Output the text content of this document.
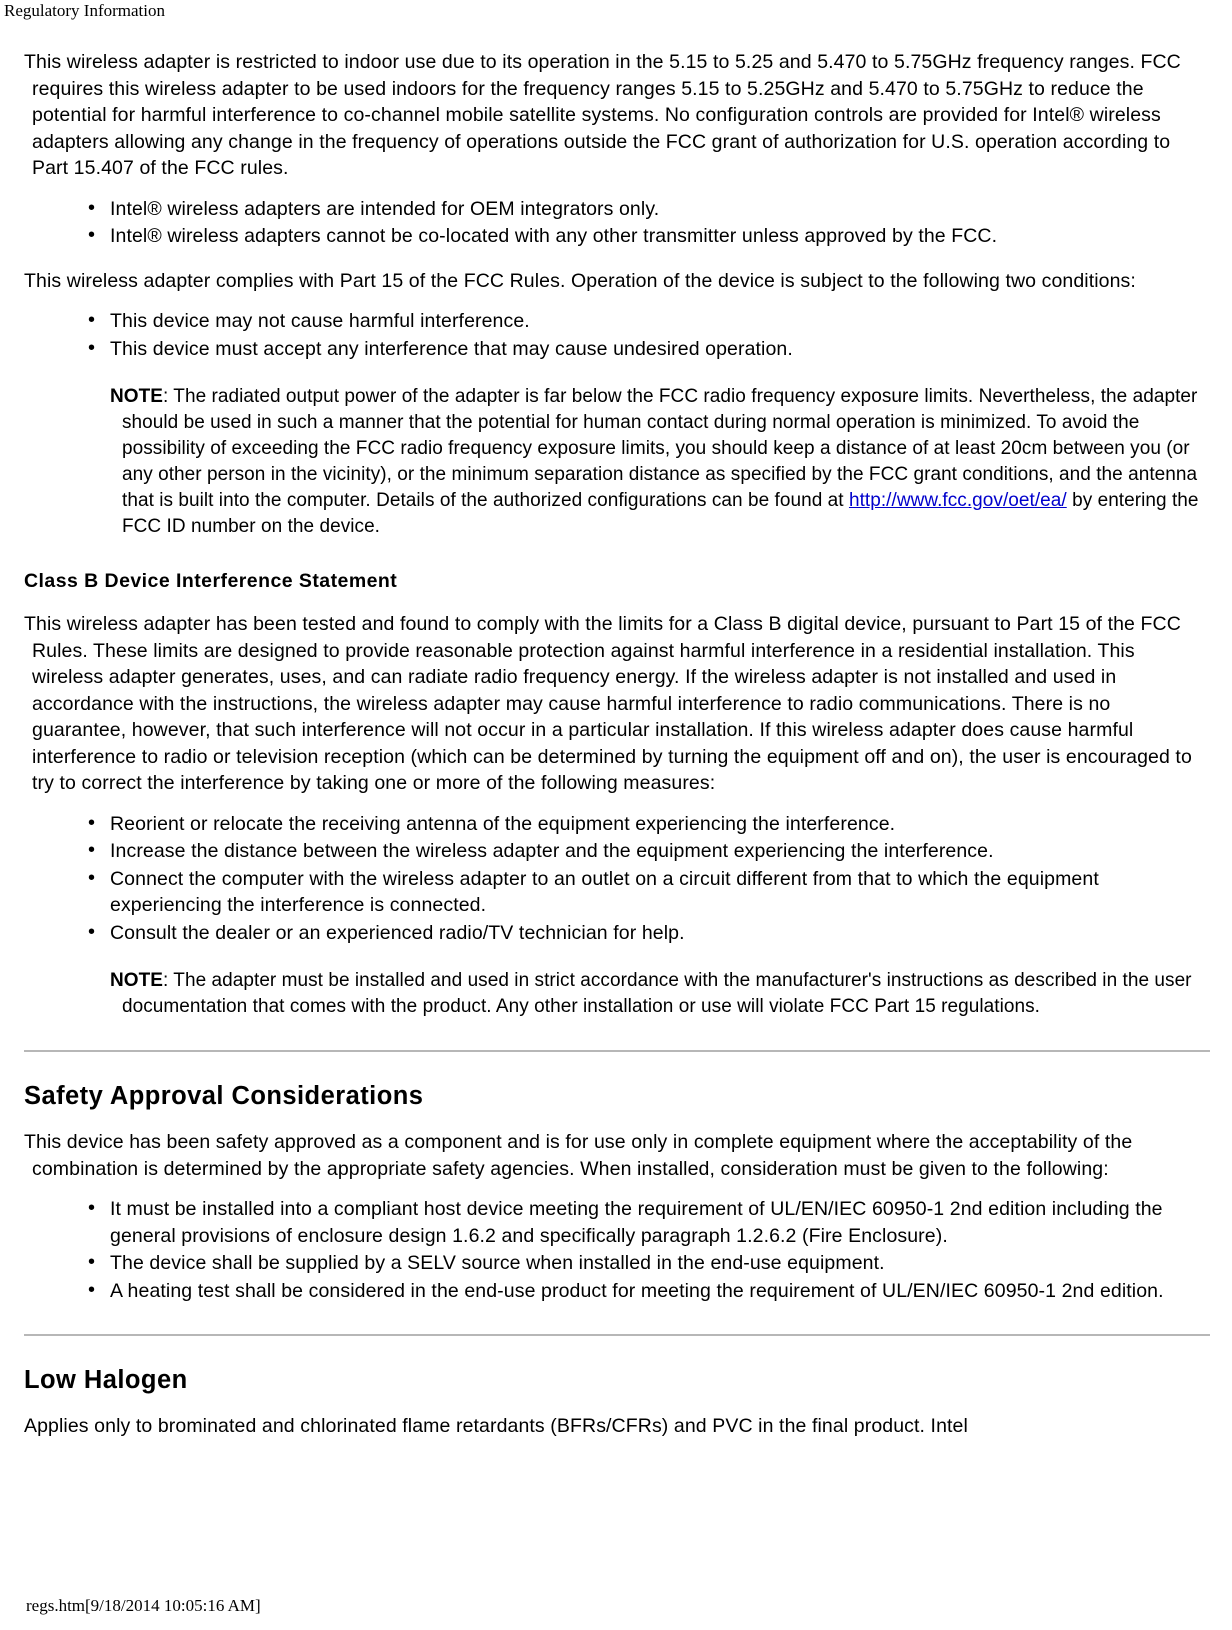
Regulatory Information

This wireless adapter is restricted to indoor use due to its operation in the 5.15 to 5.25 and 5.470 to 5.75GHz frequency ranges. FCC requires this wireless adapter to be used indoors for the frequency ranges 5.15 to 5.25GHz and 5.470 to 5.75GHz to reduce the potential for harmful interference to co-channel mobile satellite systems. No configuration controls are provided for Intel® wireless adapters allowing any change in the frequency of operations outside the FCC grant of authorization for U.S. operation according to Part 15.407 of the FCC rules.

• Intel® wireless adapters are intended for OEM integrators only.
• Intel® wireless adapters cannot be co-located with any other transmitter unless approved by the FCC.

This wireless adapter complies with Part 15 of the FCC Rules. Operation of the device is subject to the following two conditions:

• This device may not cause harmful interference.
• This device must accept any interference that may cause undesired operation.
NOTE: The radiated output power of the adapter is far below the FCC radio frequency exposure limits. Nevertheless, the adapter should be used in such a manner that the potential for human contact during normal operation is minimized. To avoid the possibility of exceeding the FCC radio frequency exposure limits, you should keep a distance of at least 20cm between you (or any other person in the vicinity), or the minimum separation distance as specified by the FCC grant conditions, and the antenna that is built into the computer. Details of the authorized configurations can be found at http://www.fcc.gov/oet/ea/ by entering the FCC ID number on the device.
Class B Device Interference Statement

This wireless adapter has been tested and found to comply with the limits for a Class B digital device, pursuant to Part 15 of the FCC Rules. These limits are designed to provide reasonable protection against harmful interference in a residential installation. This wireless adapter generates, uses, and can radiate radio frequency energy. If the wireless adapter is not installed and used in accordance with the instructions, the wireless adapter may cause harmful interference to radio communications. There is no guarantee, however, that such interference will not occur in a particular installation. If this wireless adapter does cause harmful interference to radio or television reception (which can be determined by turning the equipment off and on), the user is encouraged to try to correct the interference by taking one or more of the following measures:

• Reorient or relocate the receiving antenna of the equipment experiencing the interference.
• Increase the distance between the wireless adapter and the equipment experiencing the interference.
• Connect the computer with the wireless adapter to an outlet on a circuit different from that to which the equipment experiencing the interference is connected.
• Consult the dealer or an experienced radio/TV technician for help.
NOTE: The adapter must be installed and used in strict accordance with the manufacturer's instructions as described in the user documentation that comes with the product. Any other installation or use will violate FCC Part 15 regulations.
Safety Approval Considerations

This device has been safety approved as a component and is for use only in complete equipment where the acceptability of the combination is determined by the appropriate safety agencies. When installed, consideration must be given to the following:

• It must be installed into a compliant host device meeting the requirement of UL/EN/IEC 60950-1 2nd edition including the general provisions of enclosure design 1.6.2 and specifically paragraph 1.2.6.2 (Fire Enclosure).
• The device shall be supplied by a SELV source when installed in the end-use equipment.
• A heating test shall be considered in the end-use product for meeting the requirement of UL/EN/IEC 60950-1 2nd edition.
Low Halogen

Applies only to brominated and chlorinated flame retardants (BFRs/CFRs) and PVC in the final product. Intel

regs.htm[9/18/2014 10:05:16 AM]
